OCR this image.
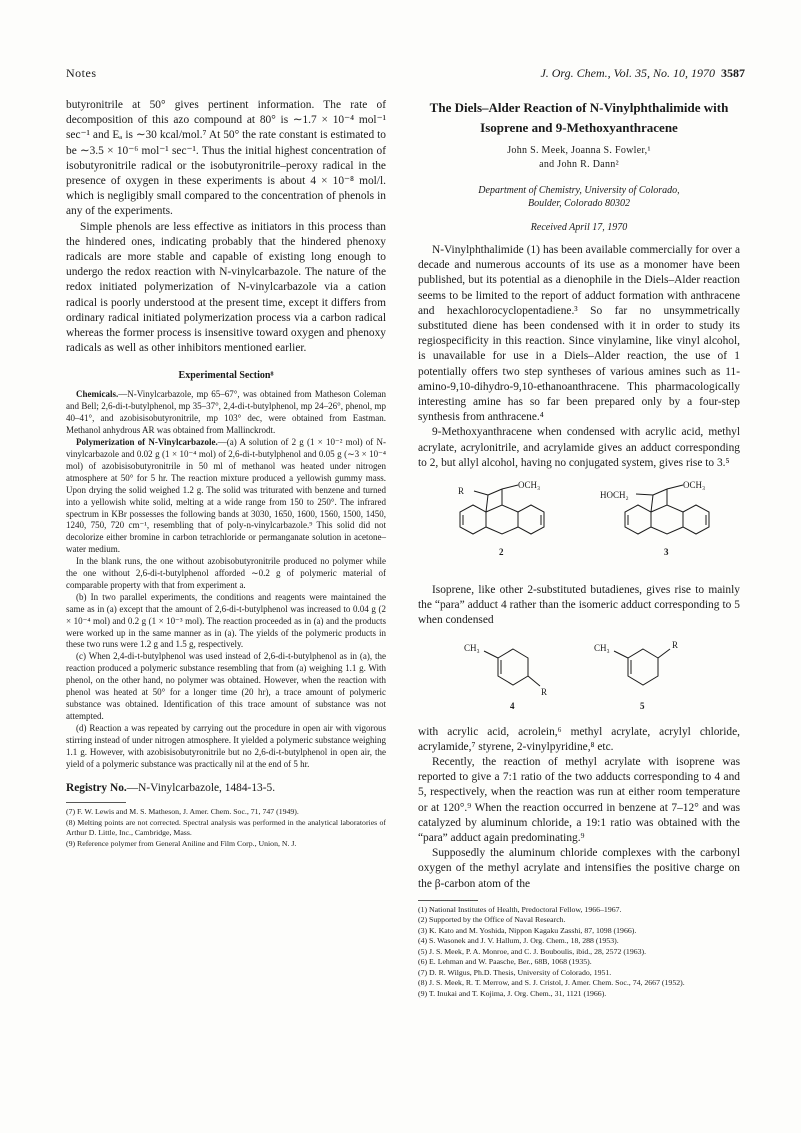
Notes	J. Org. Chem., Vol. 35, No. 10, 1970 3587

butyronitrile at 50° gives pertinent information. The rate of decomposition of this azo compound at 80° is ∼1.7 × 10⁻⁴ mol⁻¹ sec⁻¹ and Eₐ is ∼30 kcal/mol.⁷ At 50° the rate constant is estimated to be ∼3.5 × 10⁻⁶ mol⁻¹ sec⁻¹. Thus the initial highest concentration of isobutyronitrile radical or the isobutyronitrile–peroxy radical in the presence of oxygen in these experiments is about 4 × 10⁻⁸ mol/l. which is negligibly small compared to the concentration of phenols in any of the experiments.

Simple phenols are less effective as initiators in this process than the hindered ones, indicating probably that the hindered phenoxy radicals are more stable and capable of existing long enough to undergo the redox reaction with N-vinylcarbazole. The nature of the redox initiated polymerization of N-vinylcarbazole via a cation radical is poorly understood at the present time, except it differs from ordinary radical initiated polymerization process via a carbon radical whereas the former process is insensitive toward oxygen and phenoxy radicals as well as other inhibitors mentioned earlier.

Experimental Section⁸

Chemicals.—N-Vinylcarbazole, mp 65–67°, was obtained from Matheson Coleman and Bell; 2,6-di-t-butylphenol, mp 35–37°, 2,4-di-t-butylphenol, mp 24–26°, phenol, mp 40–41°, and azobisisobutyronitrile, mp 103° dec, were obtained from Eastman. Methanol anhydrous AR was obtained from Mallinckrodt.

Polymerization of N-Vinylcarbazole.—(a) A solution of 2 g (1 × 10⁻² mol) of N-vinylcarbazole and 0.02 g (1 × 10⁻⁴ mol) of 2,6-di-t-butylphenol and 0.05 g (∼3 × 10⁻⁴ mol) of azobisisobutyronitrile in 50 ml of methanol was heated under nitrogen atmosphere at 50° for 5 hr. The reaction mixture produced a yellowish gummy mass. Upon drying the solid weighed 1.2 g. The solid was triturated with benzene and turned into a yellowish white solid, melting at a wide range from 150 to 250°. The infrared spectrum in KBr possesses the following bands at 3030, 1650, 1600, 1560, 1500, 1450, 1240, 750, 720 cm⁻¹, resembling that of poly-n-vinylcarbazole.⁹ This solid did not decolorize either bromine in carbon tetrachloride or permanganate solution in acetone–water medium.

In the blank runs, the one without azobisobutyronitrile produced no polymer while the one without 2,6-di-t-butylphenol afforded ∼0.2 g of polymeric material of comparable property with that from experiment a.

(b) In two parallel experiments, the conditions and reagents were maintained the same as in (a) except that the amount of 2,6-di-t-butylphenol was increased to 0.04 g (2 × 10⁻⁴ mol) and 0.2 g (1 × 10⁻³ mol). The reaction proceeded as in (a) and the products were worked up in the same manner as in (a). The yields of the polymeric products in these two runs were 1.2 g and 1.5 g, respectively.

(c) When 2,4-di-t-butylphenol was used instead of 2,6-di-t-butylphenol as in (a), the reaction produced a polymeric substance resembling that from (a) weighing 1.1 g. With phenol, on the other hand, no polymer was obtained. However, when the reaction with phenol was heated at 50° for a longer time (20 hr), a trace amount of polymeric substance was obtained. Identification of this trace amount of substance was not attempted.

(d) Reaction a was repeated by carrying out the procedure in open air with vigorous stirring instead of under nitrogen atmosphere. It yielded a polymeric substance weighing 1.1 g. However, with azobisisobutyronitrile but no 2,6-di-t-butylphenol in open air, the yield of a polymeric substance was practically nil at the end of 5 hr.

Registry No.—N-Vinylcarbazole, 1484-13-5.

(7) F. W. Lewis and M. S. Matheson, J. Amer. Chem. Soc., 71, 747 (1949).

(8) Melting points are not corrected. Spectral analysis was performed in the analytical laboratories of Arthur D. Little, Inc., Cambridge, Mass.

(9) Reference polymer from General Aniline and Film Corp., Union, N. J.

The Diels–Alder Reaction of N-Vinylphthalimide with Isoprene and 9-Methoxyanthracene

John S. Meek, Joanna S. Fowler,¹

and John R. Dann²

Department of Chemistry, University of Colorado,

Boulder, Colorado 80302

Received April 17, 1970

N-Vinylphthalimide (1) has been available commercially for over a decade and numerous accounts of its use as a monomer have been published, but its potential as a dienophile in the Diels–Alder reaction seems to be limited to the report of adduct formation with anthracene and hexachlorocyclopentadiene.³ So far no unsymmetrically substituted diene has been condensed with it in order to study its regiospecificity in this reaction. Since vinylamine, like vinyl alcohol, is unavailable for use in a Diels–Alder reaction, the use of 1 potentially offers two step syntheses of various amines such as 11-amino-9,10-dihydro-9,10-ethanoanthracene. This pharmacologically interesting amine has so far been prepared only by a four-step synthesis from anthracene.⁴

9-Methoxyanthracene when condensed with acrylic acid, methyl acrylate, acrylonitrile, and acrylamide gives an adduct corresponding to 2, but allyl alcohol, having no conjugated system, gives rise to 3.⁵

R
OCH₃
2
HOCH₂
OCH₃
3

Isoprene, like other 2-substituted butadienes, gives rise to mainly the “para” adduct 4 rather than the isomeric adduct corresponding to 5 when condensed

CH₃
R
4
CH₃	R
5

with acrylic acid, acrolein,⁶ methyl acrylate, acrylyl chloride, acrylamide,⁷ styrene, 2-vinylpyridine,⁸ etc.

Recently, the reaction of methyl acrylate with isoprene was reported to give a 7:1 ratio of the two adducts corresponding to 4 and 5, respectively, when the reaction was run at either room temperature or at 120°.⁹ When the reaction occurred in benzene at 7–12° and was catalyzed by aluminum chloride, a 19:1 ratio was obtained with the “para” adduct again predominating.⁹

Supposedly the aluminum chloride complexes with the carbonyl oxygen of the methyl acrylate and intensifies the positive charge on the β-carbon atom of the

(1) National Institutes of Health, Predoctoral Fellow, 1966–1967.

(2) Supported by the Office of Naval Research.

(3) K. Kato and M. Yoshida, Nippon Kagaku Zasshi, 87, 1098 (1966).

(4) S. Wasonek and J. V. Hallum, J. Org. Chem., 18, 288 (1953).

(5) J. S. Meek, P. A. Monroe, and C. J. Bouboulis, ibid., 28, 2572 (1963).

(6) E. Lehman and W. Paasche, Ber., 68B, 1068 (1935).

(7) D. R. Wilgus, Ph.D. Thesis, University of Colorado, 1951.

(8) J. S. Meek, R. T. Merrow, and S. J. Cristol, J. Amer. Chem. Soc., 74, 2667 (1952).

(9) T. Inukai and T. Kojima, J. Org. Chem., 31, 1121 (1966).
